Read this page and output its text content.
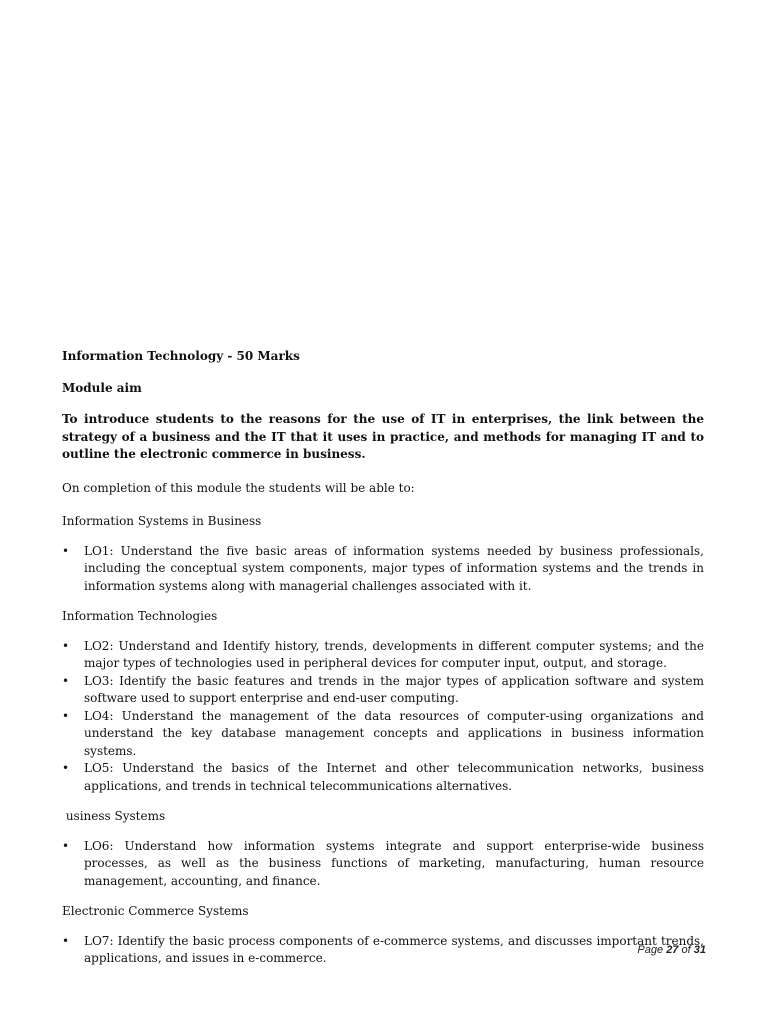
Information Technology - 50 Marks

Module aim

To introduce students to the reasons for the use of IT in enterprises, the link between the strategy of a business and the IT that it uses in practice, and methods for managing IT and to outline the electronic commerce in business.

On completion of this module the students will be able to:

Information Systems in Business

• LO1: Understand the five basic areas of information systems needed by business professionals, including the conceptual system components, major types of information systems and the trends in information systems along with managerial challenges associated with it.

Information Technologies

• LO2: Understand and Identify history, trends, developments in different computer systems; and the major types of technologies used in peripheral devices for computer input, output, and storage.
• LO3: Identify the basic features and trends in the major types of application software and system software used to support enterprise and end-user computing.
• LO4: Understand the management of the data resources of computer-using organizations and understand the key database management concepts and applications in business information systems.
• LO5: Understand the basics of the Internet and other telecommunication networks, business applications, and trends in technical telecommunications alternatives.

usiness Systems

• LO6: Understand how information systems integrate and support enterprise-wide business processes, as well as the business functions of marketing, manufacturing, human resource management, accounting, and finance.

Electronic Commerce Systems

• LO7: Identify the basic process components of e-commerce systems, and discusses important trends, applications, and issues in e-commerce.
Page 27 of 31
